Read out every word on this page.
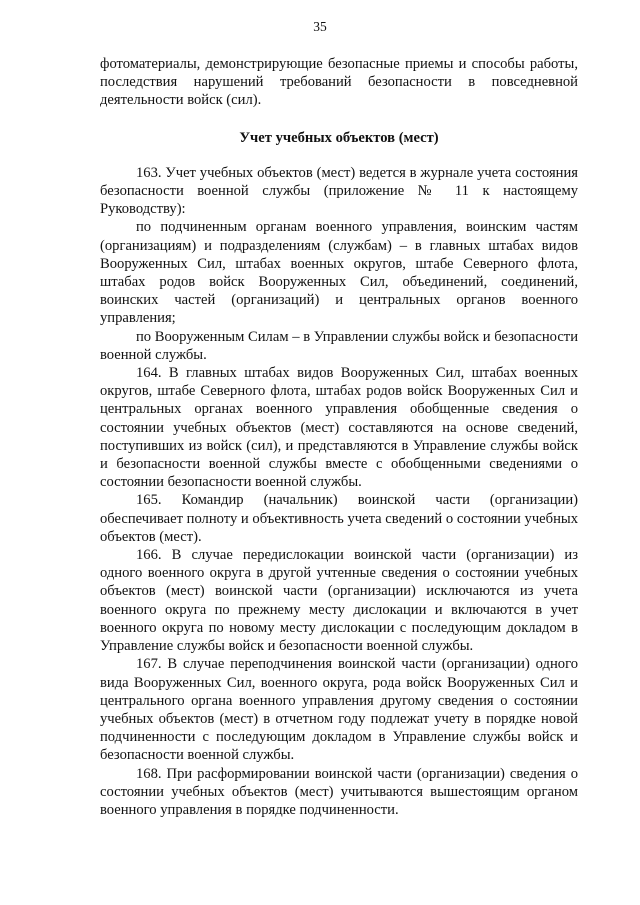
35

фотоматериалы, демонстрирующие безопасные приемы и способы работы, последствия нарушений требований безопасности в повседневной деятельности войск (сил).

Учет учебных объектов (мест)

163. Учет учебных объектов (мест) ведется в журнале учета состояния безопасности военной службы (приложение № 11 к настоящему Руководству):

по подчиненным органам военного управления, воинским частям (организациям) и подразделениям (службам) – в главных штабах видов Вооруженных Сил, штабах военных округов, штабе Северного флота, штабах родов войск Вооруженных Сил, объединений, соединений, воинских частей (организаций) и центральных органов военного управления;

по Вооруженным Силам – в Управлении службы войск и безопасности военной службы.

164. В главных штабах видов Вооруженных Сил, штабах военных округов, штабе Северного флота, штабах родов войск Вооруженных Сил и центральных органах военного управления обобщенные сведения о состоянии учебных объектов (мест) составляются на основе сведений, поступивших из войск (сил), и представляются в Управление службы войск и безопасности военной службы вместе с обобщенными сведениями о состоянии безопасности военной службы.

165. Командир (начальник) воинской части (организации) обеспечивает полноту и объективность учета сведений о состоянии учебных объектов (мест).

166. В случае передислокации воинской части (организации) из одного военного округа в другой учтенные сведения о состоянии учебных объектов (мест) воинской части (организации) исключаются из учета военного округа по прежнему месту дислокации и включаются в учет военного округа по новому месту дислокации с последующим докладом в Управление службы войск и безопасности военной службы.

167. В случае переподчинения воинской части (организации) одного вида Вооруженных Сил, военного округа, рода войск Вооруженных Сил и центрального органа военного управления другому сведения о состоянии учебных объектов (мест) в отчетном году подлежат учету в порядке новой подчиненности с последующим докладом в Управление службы войск и безопасности военной службы.

168. При расформировании воинской части (организации) сведения о состоянии учебных объектов (мест) учитываются вышестоящим органом военного управления в порядке подчиненности.
